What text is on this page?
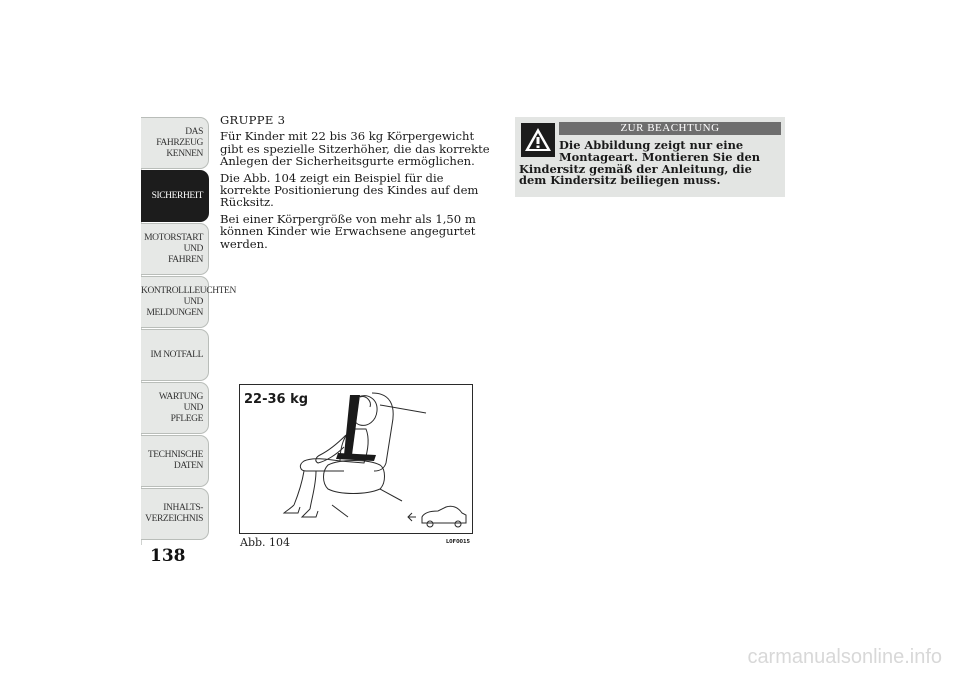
DAS FAHRZEUG
KENNEN
SICHERHEIT
MOTORSTART UND
FAHREN
KONTROLLLEUCHTEN
UND MELDUNGEN
IM NOTFALL
WARTUNG UND
PFLEGE
TECHNISCHE
DATEN
INHALTS-
VERZEICHNIS
138

GRUPPE 3

Für Kinder mit 22 bis 36 kg Körpergewicht gibt es spezielle Sitzerhöher, die das korrekte Anlegen der Sicherheitsgurte ermöglichen.

Die Abb. 104 zeigt ein Beispiel für die korrekte Positionierung des Kindes auf dem Rücksitz.

Bei einer Körpergröße von mehr als 1,50 m können Kinder wie Erwachsene angegurtet werden.

22-36 kg
Abb. 104	L0F0015
ZUR BEACHTUNG
Die Abbildung zeigt nur eine
Montageart. Montieren Sie den
Kindersitz gemäß der Anleitung, die dem Kindersitz beiliegen muss.
carmanualsonline.info
